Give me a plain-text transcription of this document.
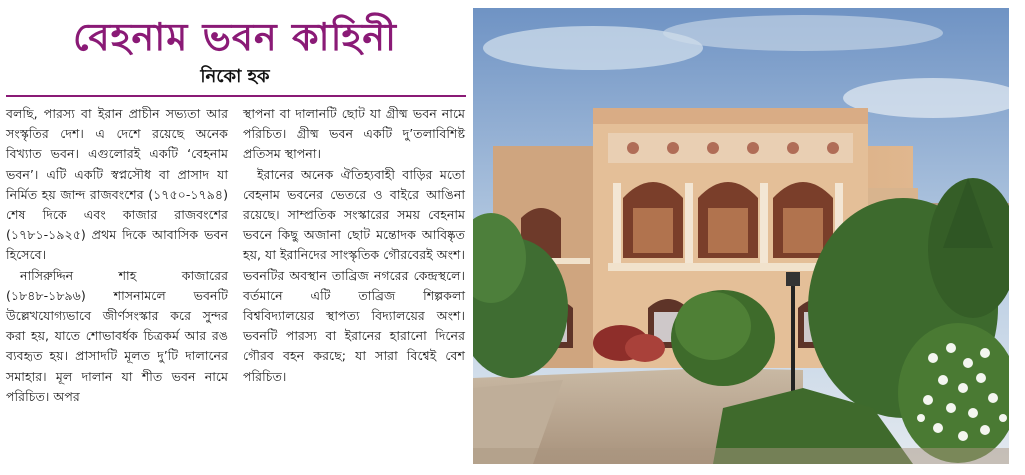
বেহনাম ভবন কাহিনী
নিকো হক

বলছি, পারস্য বা ইরান প্রাচীন সভ্যতা আর সংস্কৃতির দেশ। এ দেশে রয়েছে অনেক বিখ্যাত ভবন। এগুলোরই একটি ‘বেহনাম ভবন’। এটি একটি স্বপ্নসৌধ বা প্রাসাদ যা নির্মিত হয় জান্দ রাজবংশের (১৭৫০-১৭৯৪) শেষ দিকে এবং কাজার রাজবংশের (১৭৮১-১৯২৫) প্রথম দিকে আবাসিক ভবন হিসেবে।

নাসিরুদ্দিন শাহ কাজারের (১৮৪৮-১৮৯৬) শাসনামলে ভবনটি উল্লেখযোগ্যভাবে জীর্ণসংস্কার করে সুন্দর করা হয়, যাতে শোভাবর্ধক চিত্রকর্ম আর রঙ ব্যবহৃত হয়। প্রাসাদটি মূলত দু’টি দালানের সমাহার। মূল দালান যা শীত ভবন নামে পরিচিত। অপর

স্থাপনা বা দালানটি ছোট যা গ্রীষ্ম ভবন নামে পরিচিত। গ্রীষ্ম ভবন একটি দু’তলাবিশিষ্ট প্রতিসম স্থাপনা।

ইরানের অনেক ঐতিহ্যবাহী বাড়ির মতো বেহনাম ভবনের ভেতরে ও বাইরে আঙিনা রয়েছে। সাম্প্রতিক সংস্কারের সময় বেহনাম ভবনে কিছু অজানা ছোট মন্তোদক আবিষ্কৃত হয়, যা ইরানিদের সাংস্কৃতিক গৌরবেরই অংশ। ভবনটির অবস্থান তাব্রিজ নগরের কেন্দ্রস্থলে। বর্তমানে এটি তাব্রিজ শিল্পকলা বিশ্ববিদ্যালয়ের স্থাপত্য বিদ্যালয়ের অংশ। ভবনটি পারস্য বা ইরানের হারানো দিনের গৌরব বহন করছে; যা সারা বিশ্বেই বেশ পরিচিত।
